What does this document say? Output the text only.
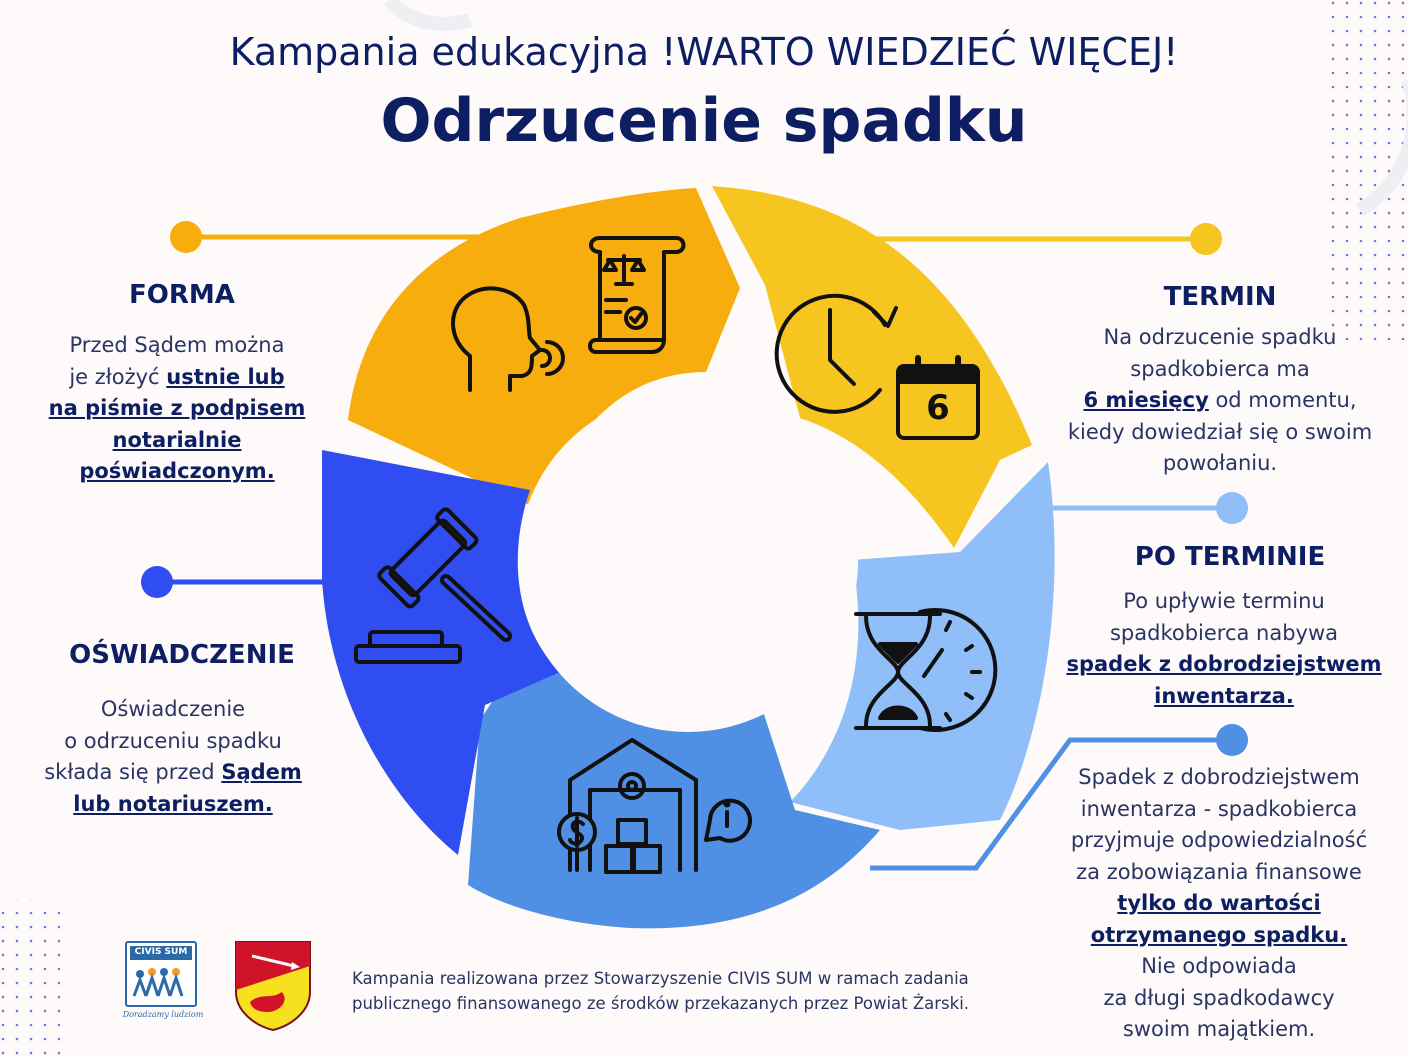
Kampania edukacyjna !WARTO WIEDZIEĆ WIĘCEJ!
Odrzucenie spadku
6
FORMA
Przed Sądem można
je złożyć ustnie lub
na piśmie z podpisem
notarialnie
poświadczonym.
TERMIN
Na odrzucenie spadku
spadkobierca ma
6 miesięcy od momentu,
kiedy dowiedział się o swoim
powołaniu.
PO TERMINIE
Po upływie terminu
spadkobierca nabywa
spadek z dobrodziejstwem
inwentarza.
OŚWIADCZENIE
Oświadczenie
o odrzuceniu spadku
składa się przed Sądem
lub notariuszem.
Spadek z dobrodziejstwem
inwentarza - spadkobierca
przyjmuje odpowiedzialność
za zobowiązania finansowe
tylko do wartości
otrzymanego spadku.
Nie odpowiada
za długi spadkodawcy
swoim majątkiem.
CIVIS SUM
Doradzamy ludziom
Kampania realizowana przez Stowarzyszenie CIVIS SUM w ramach zadania
publicznego finansowanego ze środków przekazanych przez Powiat Żarski.
